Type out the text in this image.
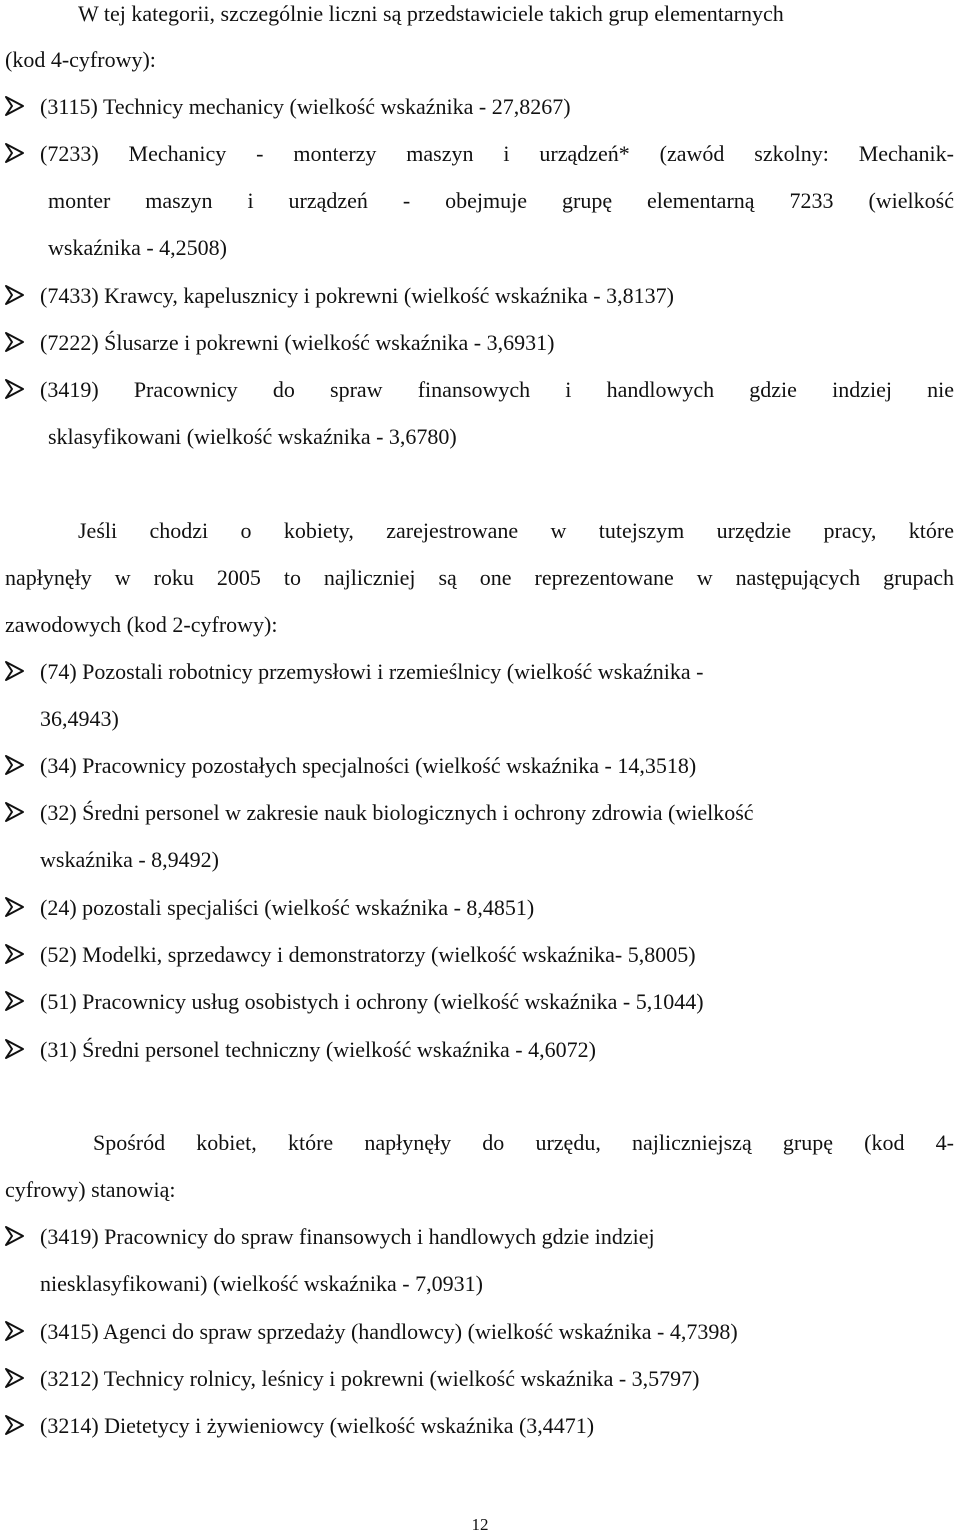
W tej kategorii, szczególnie liczni są przedstawiciele takich grup elementarnych
(kod 4-cyfrowy):
(3115) Technicy mechanicy (wielkość wskaźnika - 27,8267)
(7233) Mechanicy - monterzy maszyn i urządzeń* (zawód szkolny: Mechanik-
monter maszyn i urządzeń - obejmuje grupę elementarną 7233 (wielkość
wskaźnika - 4,2508)
(7433) Krawcy, kapelusznicy i pokrewni (wielkość wskaźnika - 3,8137)
(7222) Ślusarze i pokrewni (wielkość wskaźnika - 3,6931)
(3419) Pracownicy do spraw finansowych i handlowych gdzie indziej nie
sklasyfikowani (wielkość wskaźnika - 3,6780)
Jeśli chodzi o kobiety, zarejestrowane w tutejszym urzędzie pracy, które
napłynęły w roku 2005 to najliczniej są one reprezentowane w następujących grupach
zawodowych (kod 2-cyfrowy):
(74) Pozostali robotnicy przemysłowi i rzemieślnicy (wielkość wskaźnika -
36,4943)
(34) Pracownicy pozostałych specjalności (wielkość wskaźnika - 14,3518)
(32) Średni personel w zakresie nauk biologicznych i ochrony zdrowia (wielkość
wskaźnika - 8,9492)
(24) pozostali specjaliści (wielkość wskaźnika - 8,4851)
(52) Modelki, sprzedawcy i demonstratorzy (wielkość wskaźnika- 5,8005)
(51) Pracownicy usług osobistych i ochrony (wielkość wskaźnika - 5,1044)
(31) Średni personel techniczny (wielkość wskaźnika - 4,6072)
Spośród kobiet, które napłynęły do urzędu, najliczniejszą grupę (kod 4-
cyfrowy) stanowią:
(3419) Pracownicy do spraw finansowych i handlowych gdzie indziej
niesklasyfikowani) (wielkość wskaźnika - 7,0931)
(3415) Agenci do spraw sprzedaży (handlowcy) (wielkość wskaźnika - 4,7398)
(3212) Technicy rolnicy, leśnicy i pokrewni (wielkość wskaźnika - 3,5797)
(3214) Dietetycy i żywieniowcy (wielkość wskaźnika (3,4471)
12
